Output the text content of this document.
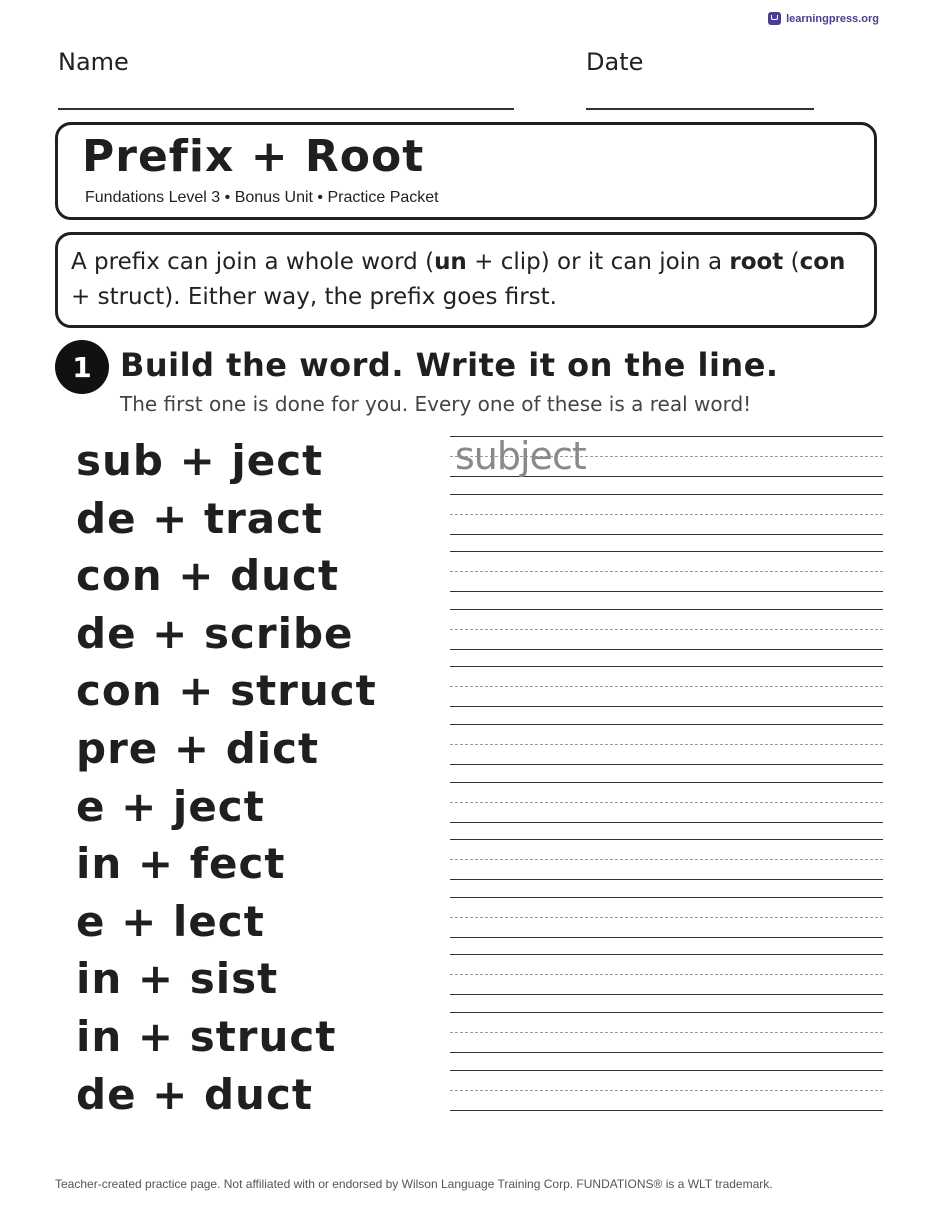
learningpress.org
Name	Date
Prefix + Root
Fundations Level 3 • Bonus Unit • Practice Packet
A prefix can join a whole word (un + clip) or it can join a root (con + struct). Either way, the prefix goes first.
1 Build the word. Write it on the line.
The first one is done for you. Every one of these is a real word!
sub + ject	subject
de + tract
con + duct
de + scribe
con + struct
pre + dict
e + ject
in + fect
e + lect
in + sist
in + struct
de + duct
Teacher-created practice page. Not affiliated with or endorsed by Wilson Language Training Corp. FUNDATIONS® is a WLT trademark.
